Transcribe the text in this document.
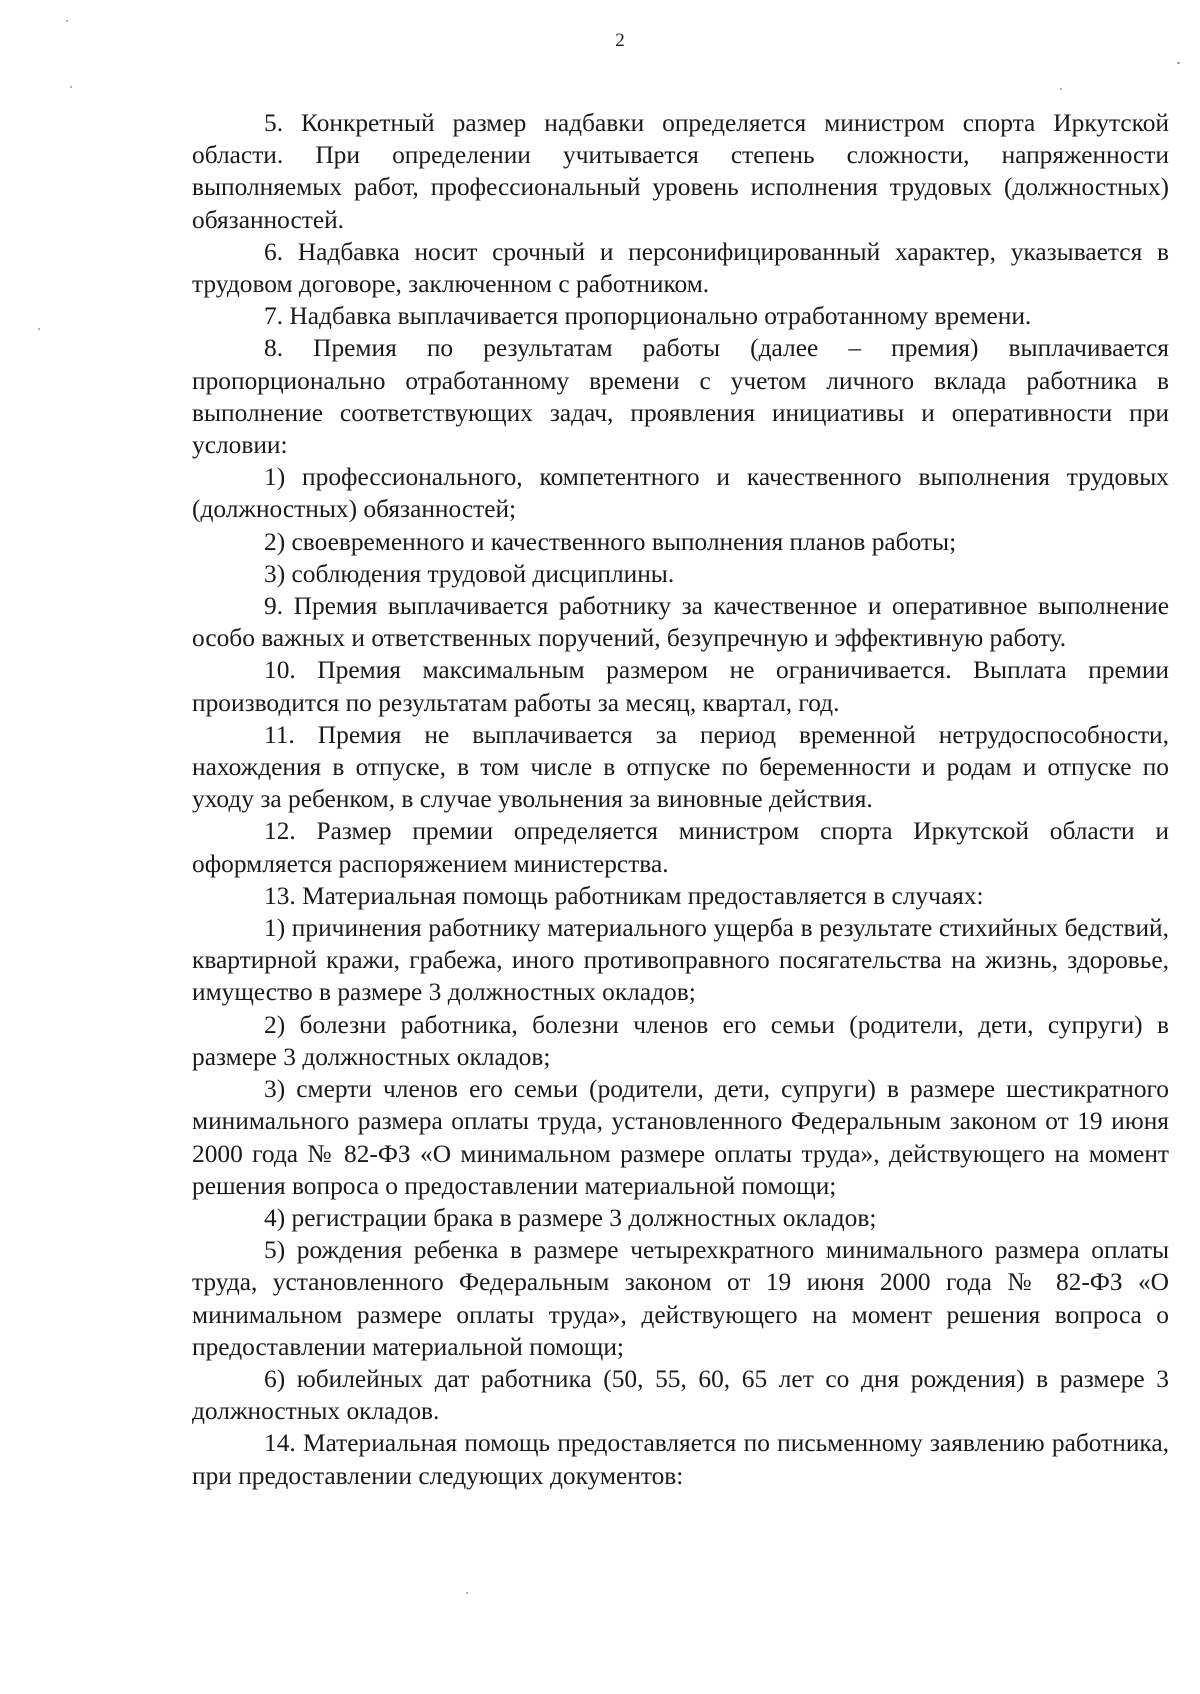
2

5. Конкретный размер надбавки определяется министром спорта Иркутской области. При определении учитывается степень сложности, напряженности выполняемых работ, профессиональный уровень исполнения трудовых (должностных) обязанностей.

6. Надбавка носит срочный и персонифицированный характер, указывается в трудовом договоре, заключенном с работником.

7. Надбавка выплачивается пропорционально отработанному времени.

8. Премия по результатам работы (далее – премия) выплачивается пропорционально отработанному времени с учетом личного вклада работника в выполнение соответствующих задач, проявления инициативы и оперативности при условии:

1) профессионального, компетентного и качественного выполнения трудовых (должностных) обязанностей;

2) своевременного и качественного выполнения планов работы;

3) соблюдения трудовой дисциплины.

9. Премия выплачивается работнику за качественное и оперативное выполнение особо важных и ответственных поручений, безупречную и эффективную работу.

10. Премия максимальным размером не ограничивается. Выплата премии производится по результатам работы за месяц, квартал, год.

11. Премия не выплачивается за период временной нетрудоспособности, нахождения в отпуске, в том числе в отпуске по беременности и родам и отпуске по уходу за ребенком, в случае увольнения за виновные действия.

12. Размер премии определяется министром спорта Иркутской области и оформляется распоряжением министерства.

13. Материальная помощь работникам предоставляется в случаях:

1) причинения работнику материального ущерба в результате стихийных бедствий, квартирной кражи, грабежа, иного противоправного посягательства на жизнь, здоровье, имущество в размере 3 должностных окладов;

2) болезни работника, болезни членов его семьи (родители, дети, супруги) в размере 3 должностных окладов;

3) смерти членов его семьи (родители, дети, супруги) в размере шестикратного минимального размера оплаты труда, установленного Федеральным законом от 19 июня 2000 года № 82-ФЗ «О минимальном размере оплаты труда», действующего на момент решения вопроса о предоставлении материальной помощи;

4) регистрации брака в размере 3 должностных окладов;

5) рождения ребенка в размере четырехкратного минимального размера оплаты труда, установленного Федеральным законом от 19 июня 2000 года № 82-ФЗ «О минимальном размере оплаты труда», действующего на момент решения вопроса о предоставлении материальной помощи;

6) юбилейных дат работника (50, 55, 60, 65 лет со дня рождения) в размере 3 должностных окладов.

14. Материальная помощь предоставляется по письменному заявлению работника, при предоставлении следующих документов:
